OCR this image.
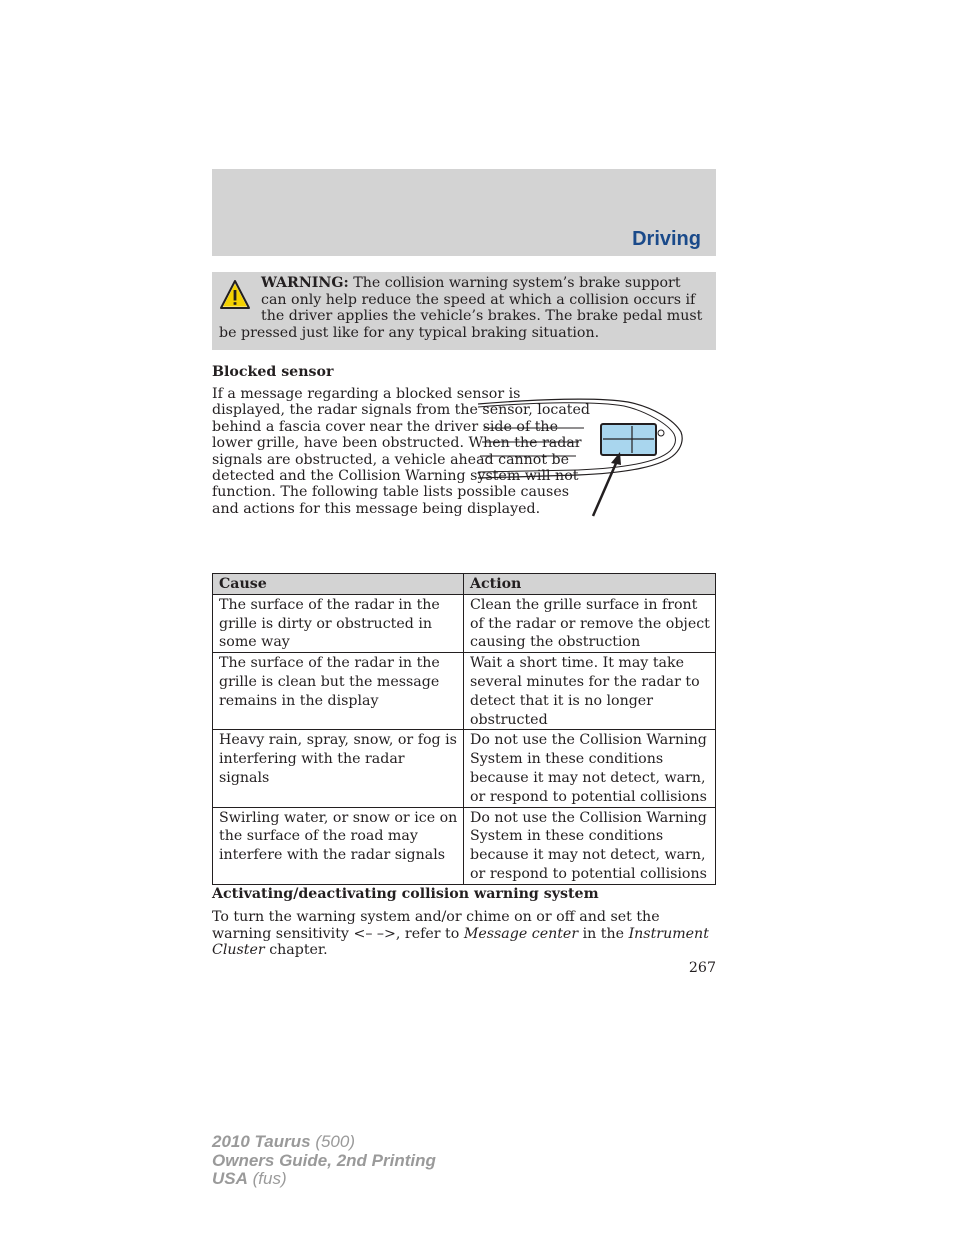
Driving
WARNING: The collision warning system’s brake support can only help reduce the speed at which a collision occurs if the driver applies the vehicle’s brakes. The brake pedal must be pressed just like for any typical braking situation.
Blocked sensor
If a message regarding a blocked sensor is displayed, the radar signals from the sensor, located behind a fascia cover near the driver side of the lower grille, have been obstructed. When the radar signals are obstructed, a vehicle ahead cannot be detected and the Collision Warning system will not function. The following table lists possible causes and actions for this message being displayed.
Cause	Action
The surface of the radar in the grille is dirty or obstructed in some way	Clean the grille surface in front of the radar or remove the object causing the obstruction
The surface of the radar in the grille is clean but the message remains in the display	Wait a short time. It may take several minutes for the radar to detect that it is no longer obstructed
Heavy rain, spray, snow, or fog is interfering with the radar signals	Do not use the Collision Warning System in these conditions because it may not detect, warn, or respond to potential collisions
Swirling water, or snow or ice on the surface of the road may interfere with the radar signals	Do not use the Collision Warning System in these conditions because it may not detect, warn, or respond to potential collisions
Activating/deactivating collision warning system
To turn the warning system and/or chime on or off and set the warning sensitivity <– –>, refer to Message center in the Instrument Cluster chapter.
267
2010 Taurus (500)
Owners Guide, 2nd Printing
USA (fus)
